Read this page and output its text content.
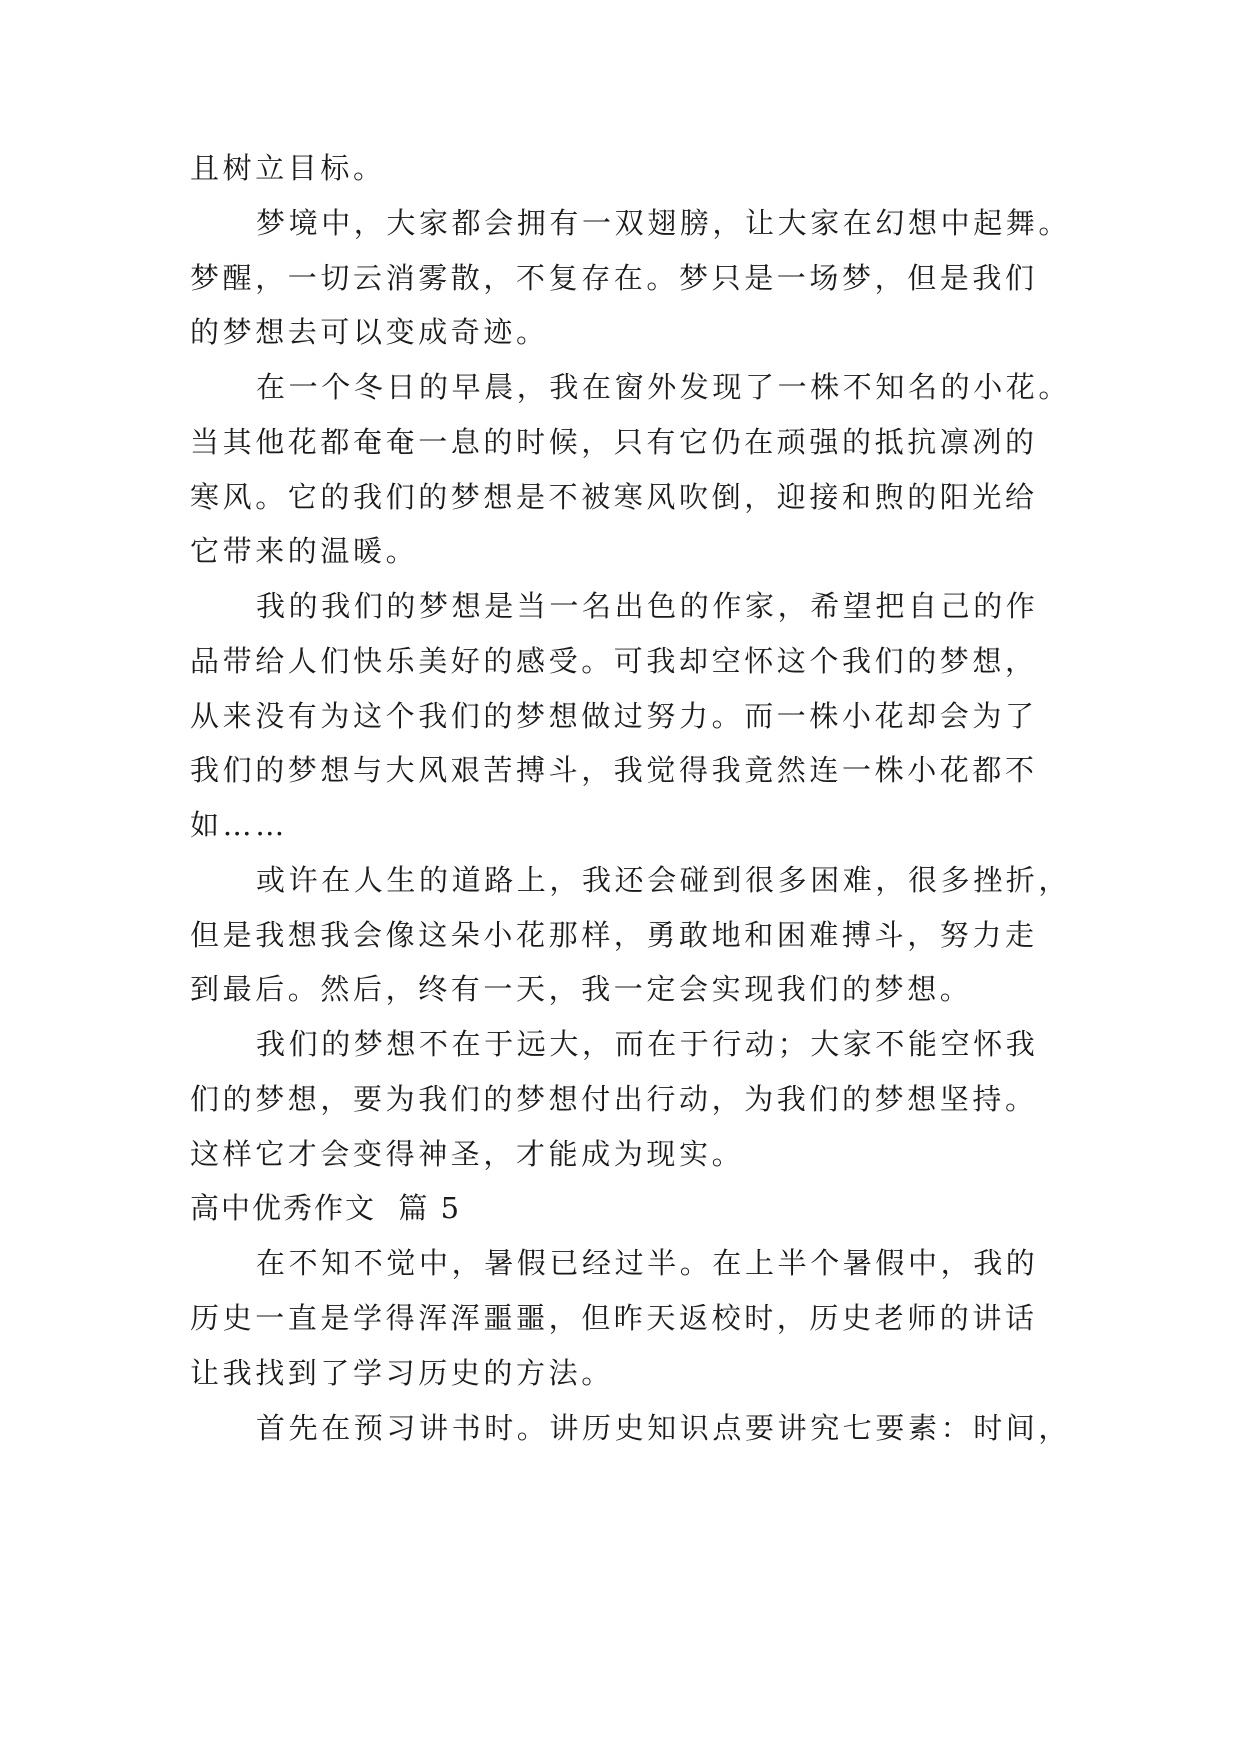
且树立目标。
梦境中，大家都会拥有一双翅膀，让大家在幻想中起舞。
梦醒，一切云消雾散，不复存在。梦只是一场梦，但是我们
的梦想去可以变成奇迹。
在一个冬日的早晨，我在窗外发现了一株不知名的小花。
当其他花都奄奄一息的时候，只有它仍在顽强的抵抗凛冽的
寒风。它的我们的梦想是不被寒风吹倒，迎接和煦的阳光给
它带来的温暖。
我的我们的梦想是当一名出色的作家，希望把自己的作
品带给人们快乐美好的感受。可我却空怀这个我们的梦想，
从来没有为这个我们的梦想做过努力。而一株小花却会为了
我们的梦想与大风艰苦搏斗，我觉得我竟然连一株小花都不
如……
或许在人生的道路上，我还会碰到很多困难，很多挫折，
但是我想我会像这朵小花那样，勇敢地和困难搏斗，努力走
到最后。然后，终有一天，我一定会实现我们的梦想。
我们的梦想不在于远大，而在于行动；大家不能空怀我
们的梦想，要为我们的梦想付出行动，为我们的梦想坚持。
这样它才会变得神圣，才能成为现实。
高中优秀作文  篇 5
在不知不觉中，暑假已经过半。在上半个暑假中，我的
历史一直是学得浑浑噩噩，但昨天返校时，历史老师的讲话
让我找到了学习历史的方法。
首先在预习讲书时。讲历史知识点要讲究七要素：时间，
